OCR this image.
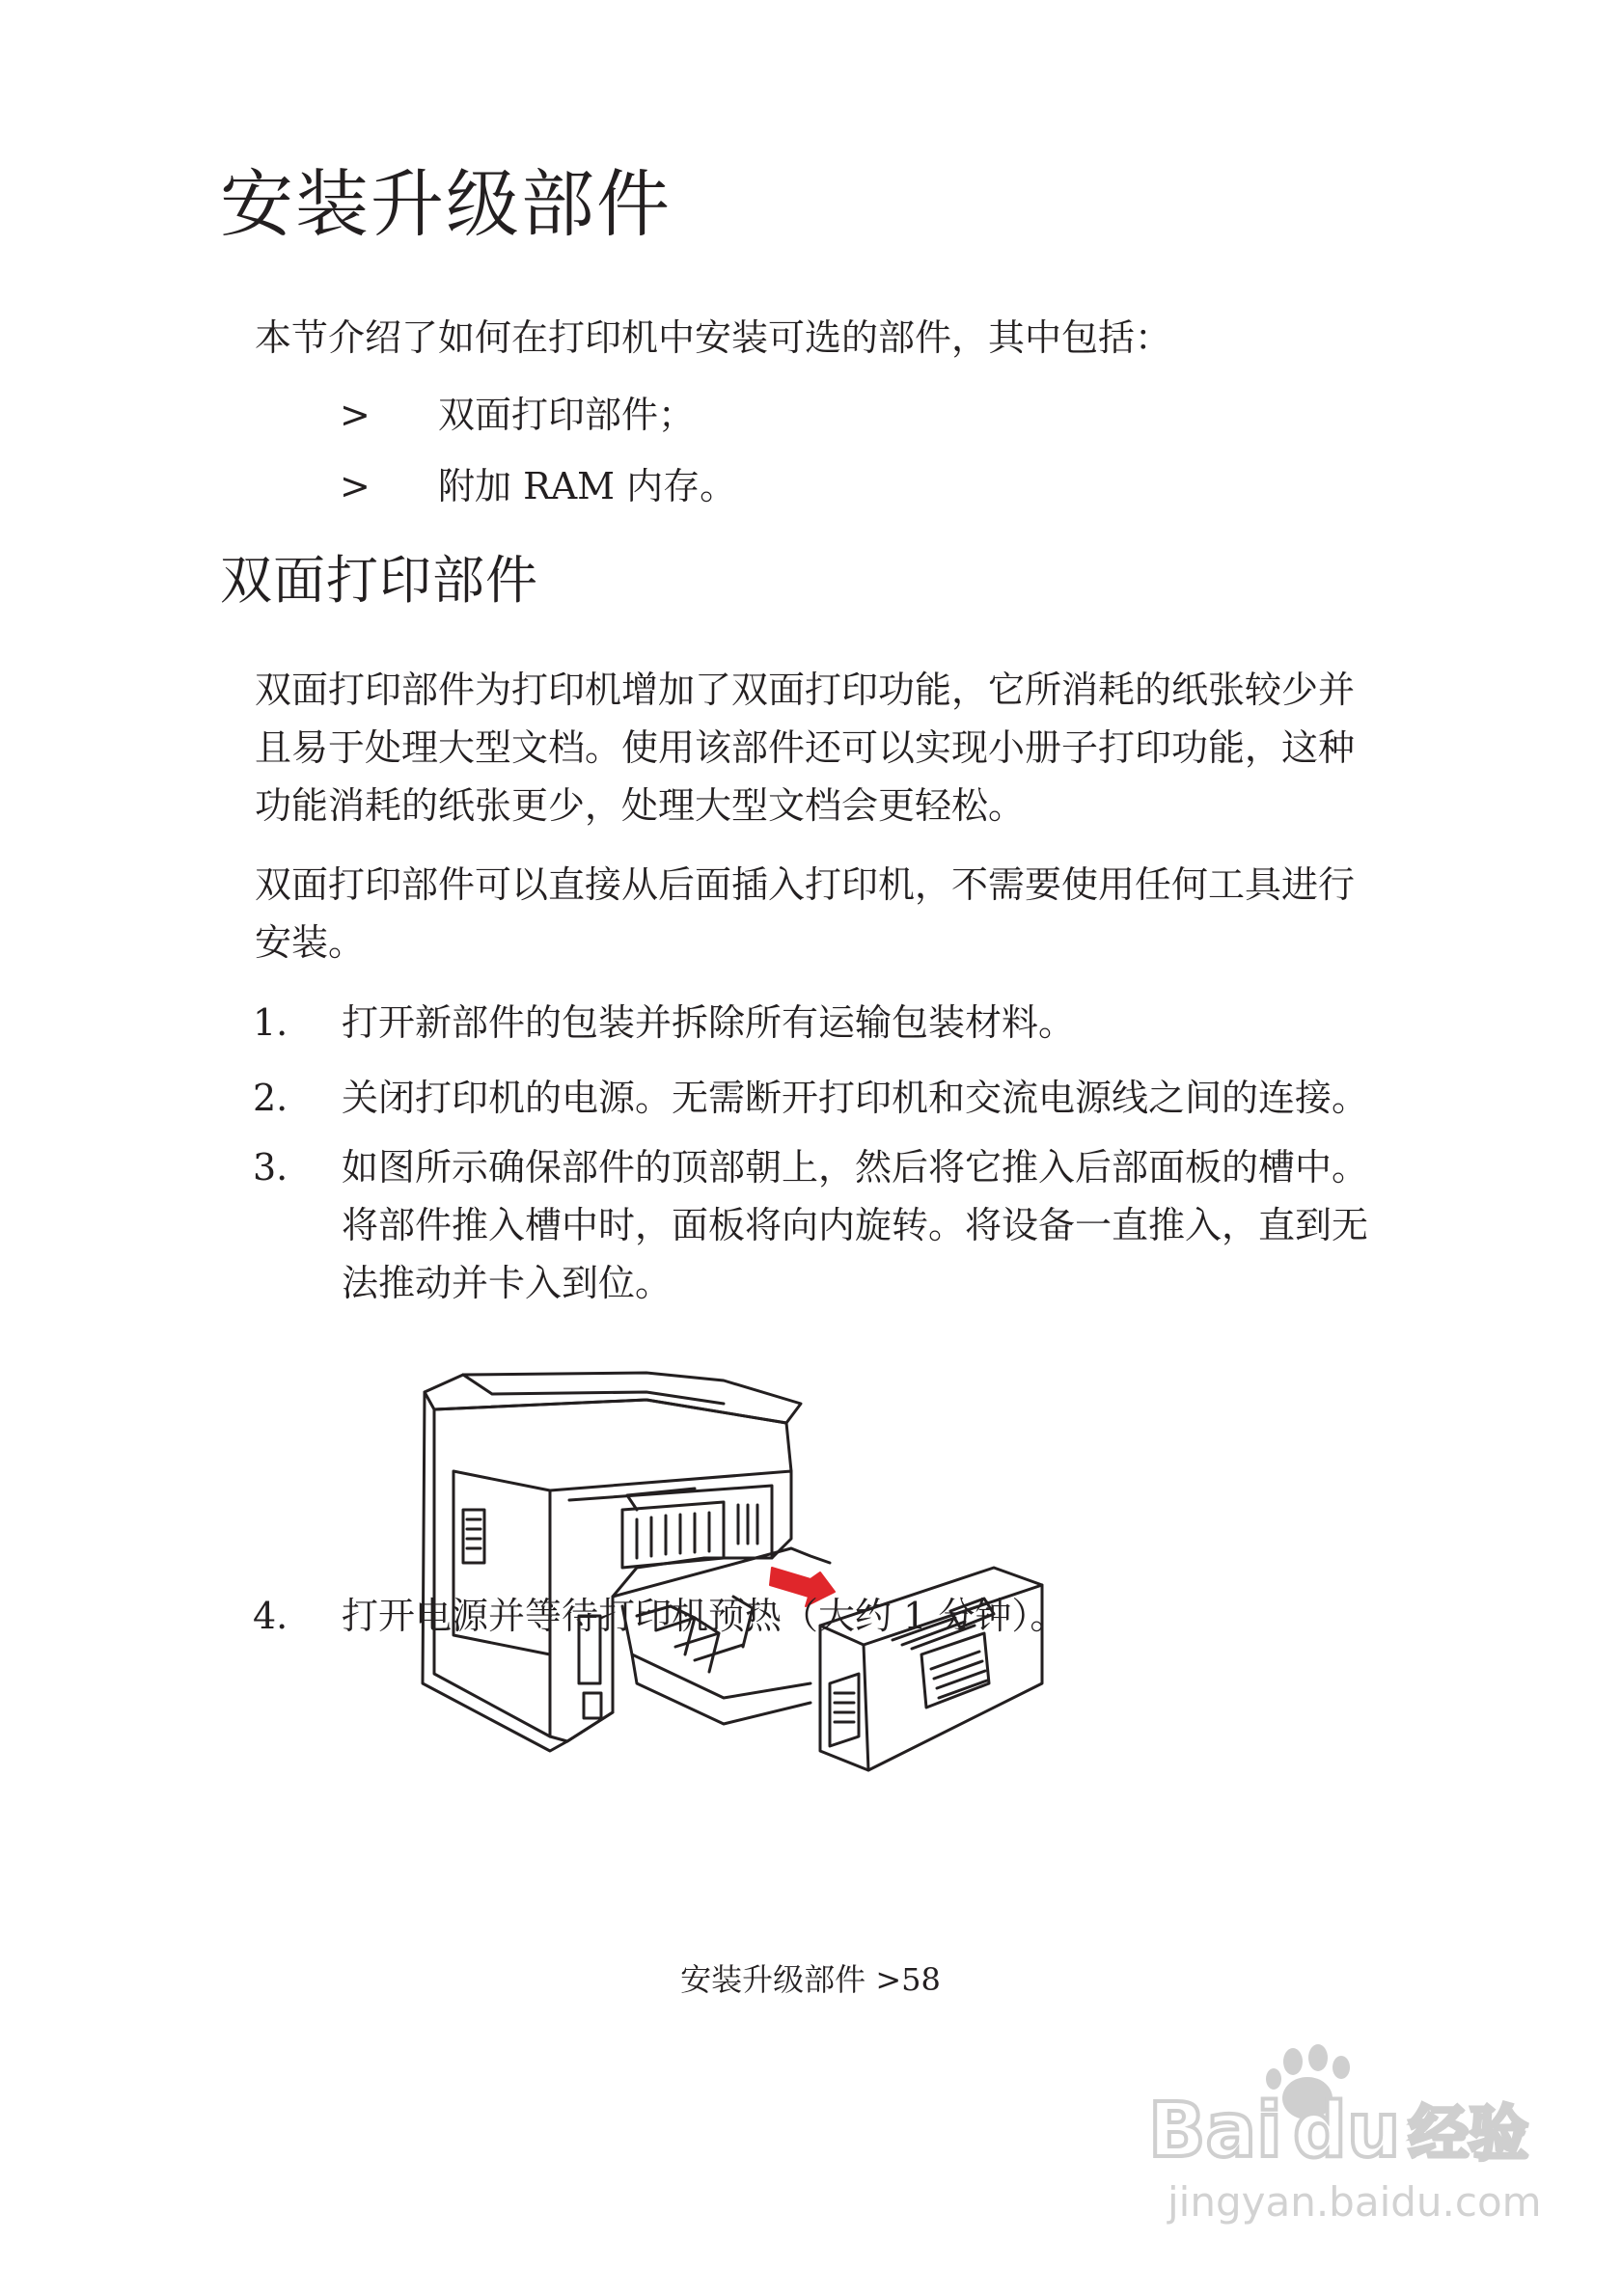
安装升级部件
本节介绍了如何在打印机中安装可选的部件，其中包括：
> 双面打印部件；
> 附加 RAM 内存。
双面打印部件
双面打印部件为打印机增加了双面打印功能，它所消耗的纸张较少并
且易于处理大型文档。使用该部件还可以实现小册子打印功能，这种
功能消耗的纸张更少，处理大型文档会更轻松。
双面打印部件可以直接从后面插入打印机，不需要使用任何工具进行
安装。
1. 打开新部件的包装并拆除所有运输包装材料。
2. 关闭打印机的电源。无需断开打印机和交流电源线之间的连接。
3. 如图所示确保部件的顶部朝上，然后将它推入后部面板的槽中。
将部件推入槽中时，面板将向内旋转。将设备一直推入，直到无
法推动并卡入到位。
4. 打开电源并等待打印机预热（大约 1 分钟）。
安装升级部件 >58
Bai du 经验
jingyan.baidu.com
